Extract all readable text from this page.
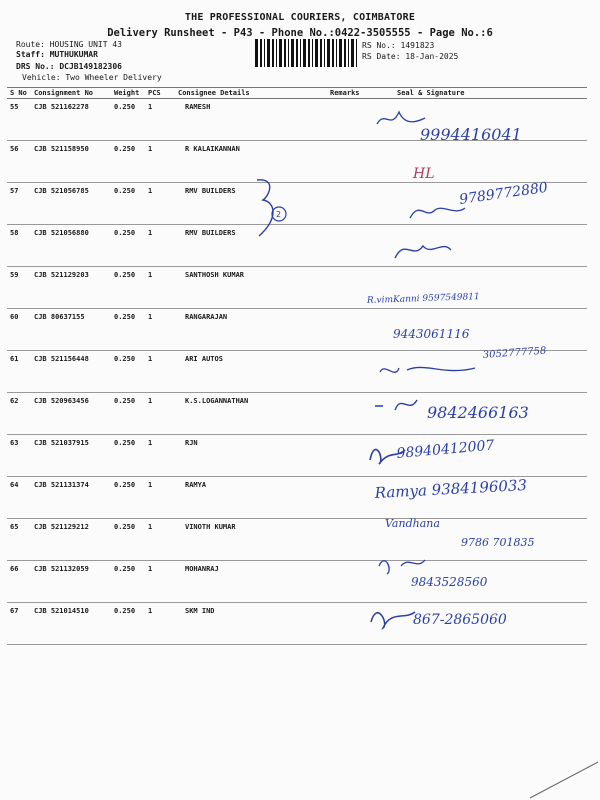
THE PROFESSIONAL COURIERS, COIMBATORE
Delivery Runsheet - P43 - Phone No.:0422-3505555 - Page No.:6
Route: HOUSING UNIT 43
Staff: MUTHUKUMAR
DRS No.: DCJB149182306
Vehicle: Two Wheeler Delivery
RS No.: 1491823
RS Date: 18-Jan-2025
S No	Consignment No	Weight	PCS	Consignee Details	Remarks	Seal & Signature
55	CJB 521162278	0.250	1	RAMESH		
56	CJB 521158950	0.250	1	R KALAIKANNAN		
57	CJB 521056785	0.250	1	RMV BUILDERS		
58	CJB 521056880	0.250	1	RMV BUILDERS		
59	CJB 521129203	0.250	1	SANTHOSH KUMAR		
60	CJB 80637155	0.250	1	RANGARAJAN		
61	CJB 521156448	0.250	1	ARI AUTOS		
62	CJB 520963456	0.250	1	K.S.LOGANNATHAN		
63	CJB 521037915	0.250	1	RJN		
64	CJB 521131374	0.250	1	RAMYA		
65	CJB 521129212	0.250	1	VINOTH KUMAR		
66	CJB 521132059	0.250	1	MOHANRAJ		
67	CJB 521014510	0.250	1	SKM IND		
2
9994416041
HL
9789772880
R.vimKanni 9597549811
9443061116
3052777758
9842466163
98940412007
Ramya 9384196033
Vandhana
9786 701835
9843528560
867-2865060
